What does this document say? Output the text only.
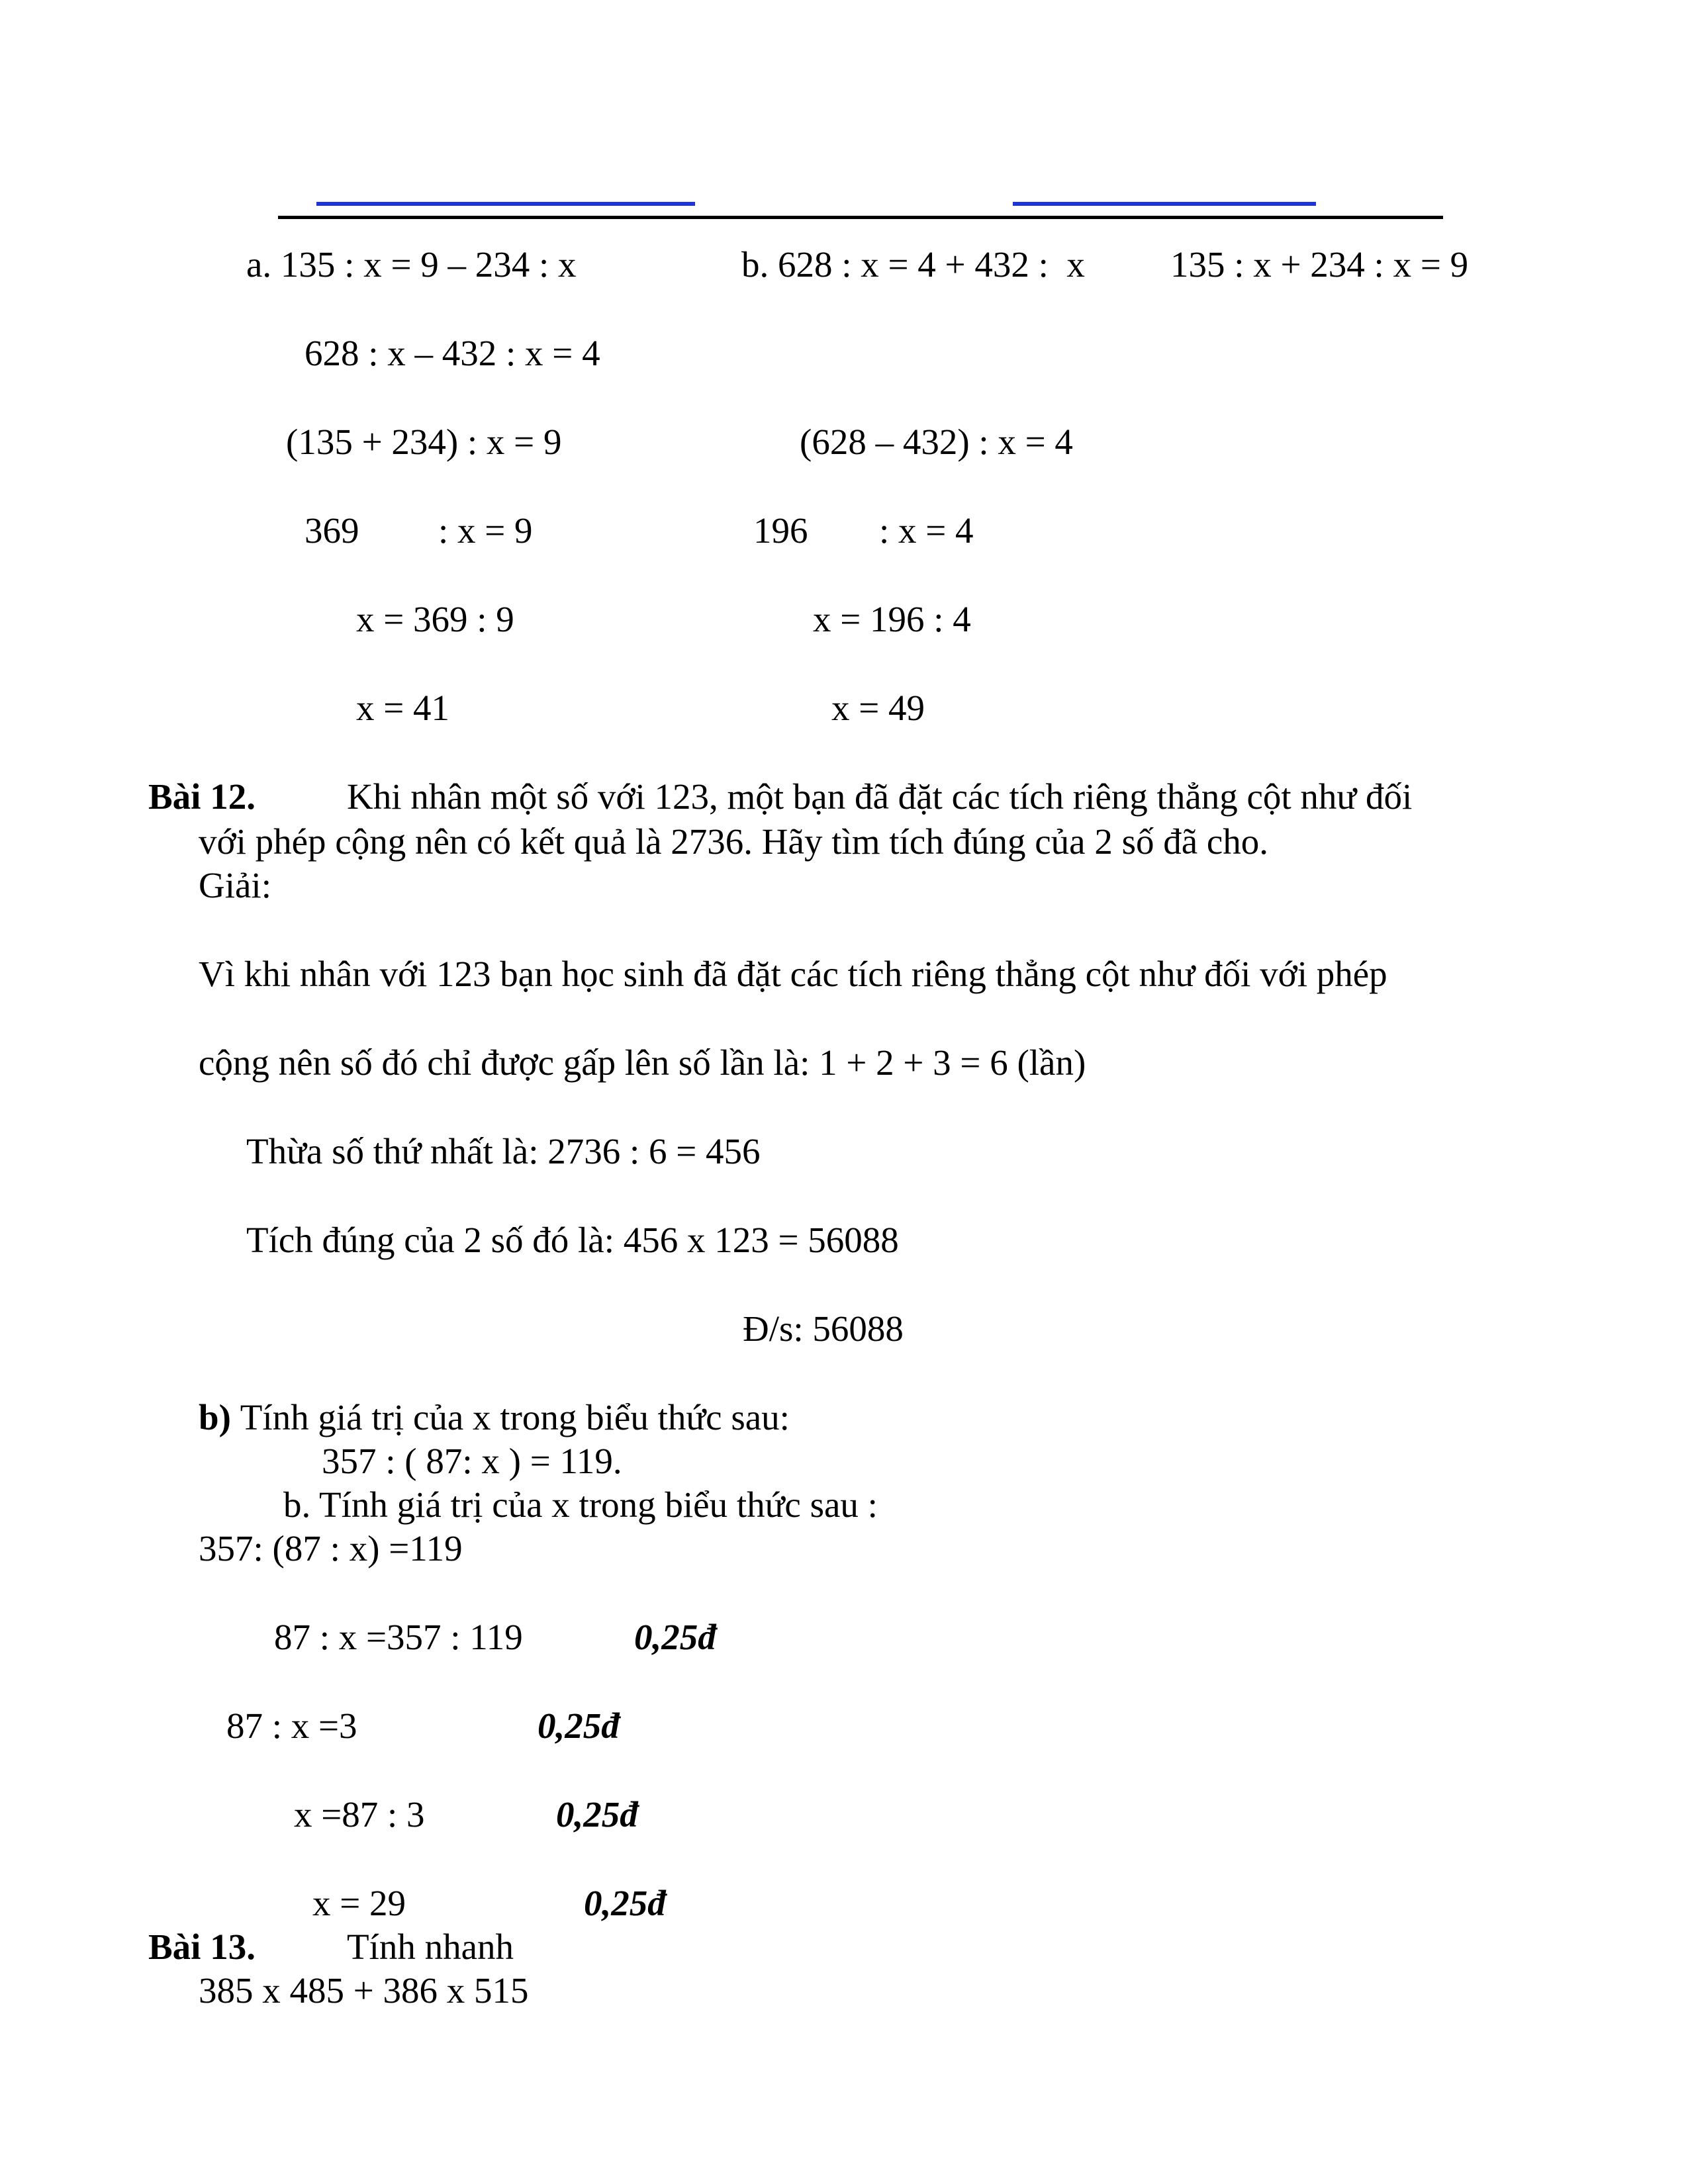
a. 135 : x = 9 – 234 : x	b. 628 : x = 4 + 432 :  x 135 : x + 234 : x = 9
628 : x – 432 : x = 4
(135 + 234) : x = 9	(628 – 432) : x = 4
369 : x = 9	196 : x = 4
x = 369 : 9	x = 196 : 4
x = 41	x = 49
Bài 12.	Khi nhân một số với 123, một bạn đã đặt các tích riêng thẳng cột như đối
với phép cộng nên có kết quả là 2736. Hãy tìm tích đúng của 2 số đã cho.
Giải:
Vì khi nhân với 123 bạn học sinh đã đặt các tích riêng thẳng cột như đối với phép
cộng nên số đó chỉ được gấp lên số lần là: 1 + 2 + 3 = 6 (lần)
Thừa số thứ nhất là: 2736 : 6 = 456
Tích đúng của 2 số đó là: 456 x 123 = 56088
Đ/s: 56088
b) Tính giá trị của x trong biểu thức sau:
357 : ( 87: x ) = 119.
b. Tính giá trị của x trong biểu thức sau :
357: (87 : x) =119
87 : x =357 : 119	0,25đ
87 : x =3	0,25đ
x =87 : 3	0,25đ
x = 29	0,25đ
Bài 13.	Tính nhanh
385 x 485 + 386 x 515
